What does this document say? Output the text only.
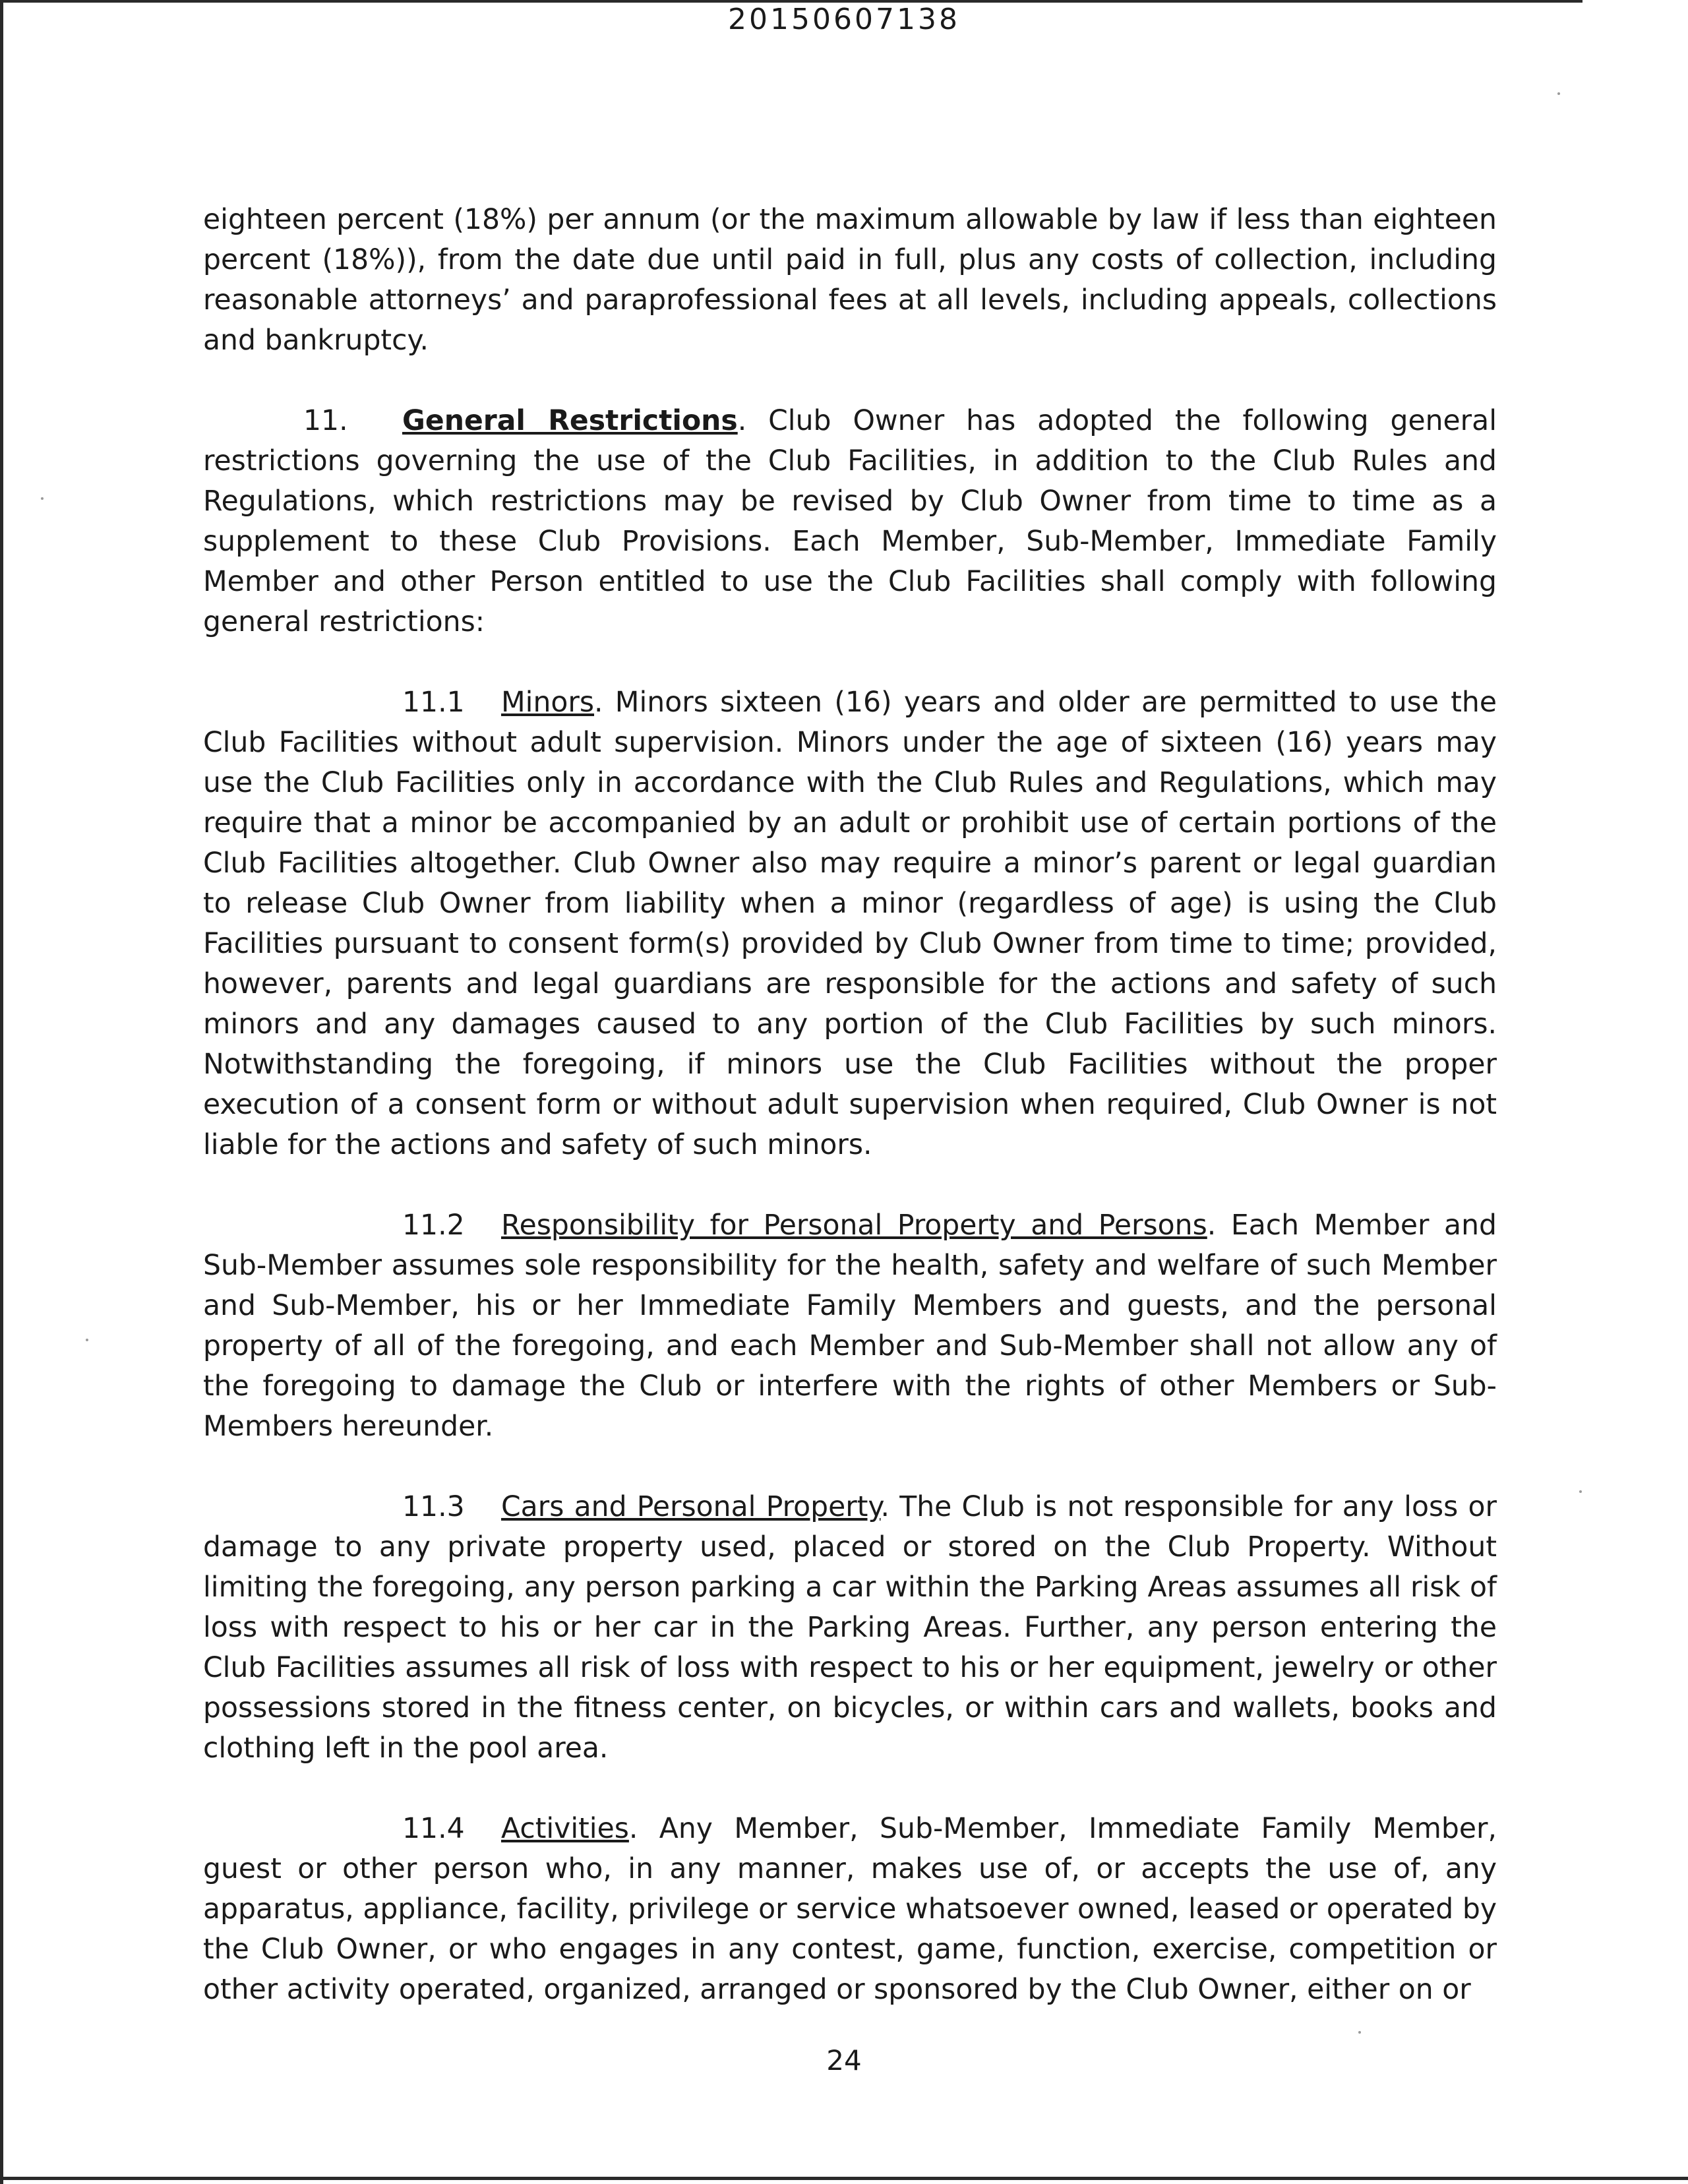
20150607138

eighteen percent (18%) per annum (or the maximum allowable by law if less than eighteen percent (18%)), from the date due until paid in full, plus any costs of collection, including reasonable attorneys’ and paraprofessional fees at all levels, including appeals, collections and bankruptcy.

11. General Restrictions. Club Owner has adopted the following general restrictions governing the use of the Club Facilities, in addition to the Club Rules and Regulations, which restrictions may be revised by Club Owner from time to time as a supplement to these Club Provisions. Each Member, Sub-Member, Immediate Family Member and other Person entitled to use the Club Facilities shall comply with following general restrictions:

11.1 Minors. Minors sixteen (16) years and older are permitted to use the Club Facilities without adult supervision. Minors under the age of sixteen (16) years may use the Club Facilities only in accordance with the Club Rules and Regulations, which may require that a minor be accompanied by an adult or prohibit use of certain portions of the Club Facilities altogether. Club Owner also may require a minor’s parent or legal guardian to release Club Owner from liability when a minor (regardless of age) is using the Club Facilities pursuant to consent form(s) provided by Club Owner from time to time; provided, however, parents and legal guardians are responsible for the actions and safety of such minors and any damages caused to any portion of the Club Facilities by such minors. Notwithstanding the foregoing, if minors use the Club Facilities without the proper execution of a consent form or without adult supervision when required, Club Owner is not liable for the actions and safety of such minors.

11.2 Responsibility for Personal Property and Persons. Each Member and Sub-Member assumes sole responsibility for the health, safety and welfare of such Member and Sub-Member, his or her Immediate Family Members and guests, and the personal property of all of the foregoing, and each Member and Sub-Member shall not allow any of the foregoing to damage the Club or interfere with the rights of other Members or Sub-Members hereunder.

11.3 Cars and Personal Property. The Club is not responsible for any loss or damage to any private property used, placed or stored on the Club Property. Without limiting the foregoing, any person parking a car within the Parking Areas assumes all risk of loss with respect to his or her car in the Parking Areas. Further, any person entering the Club Facilities assumes all risk of loss with respect to his or her equipment, jewelry or other possessions stored in the fitness center, on bicycles, or within cars and wallets, books and clothing left in the pool area.

11.4 Activities. Any Member, Sub-Member, Immediate Family Member, guest or other person who, in any manner, makes use of, or accepts the use of, any apparatus, appliance, facility, privilege or service whatsoever owned, leased or operated by the Club Owner, or who engages in any contest, game, function, exercise, competition or other activity operated, organized, arranged or sponsored by the Club Owner, either on or

24
